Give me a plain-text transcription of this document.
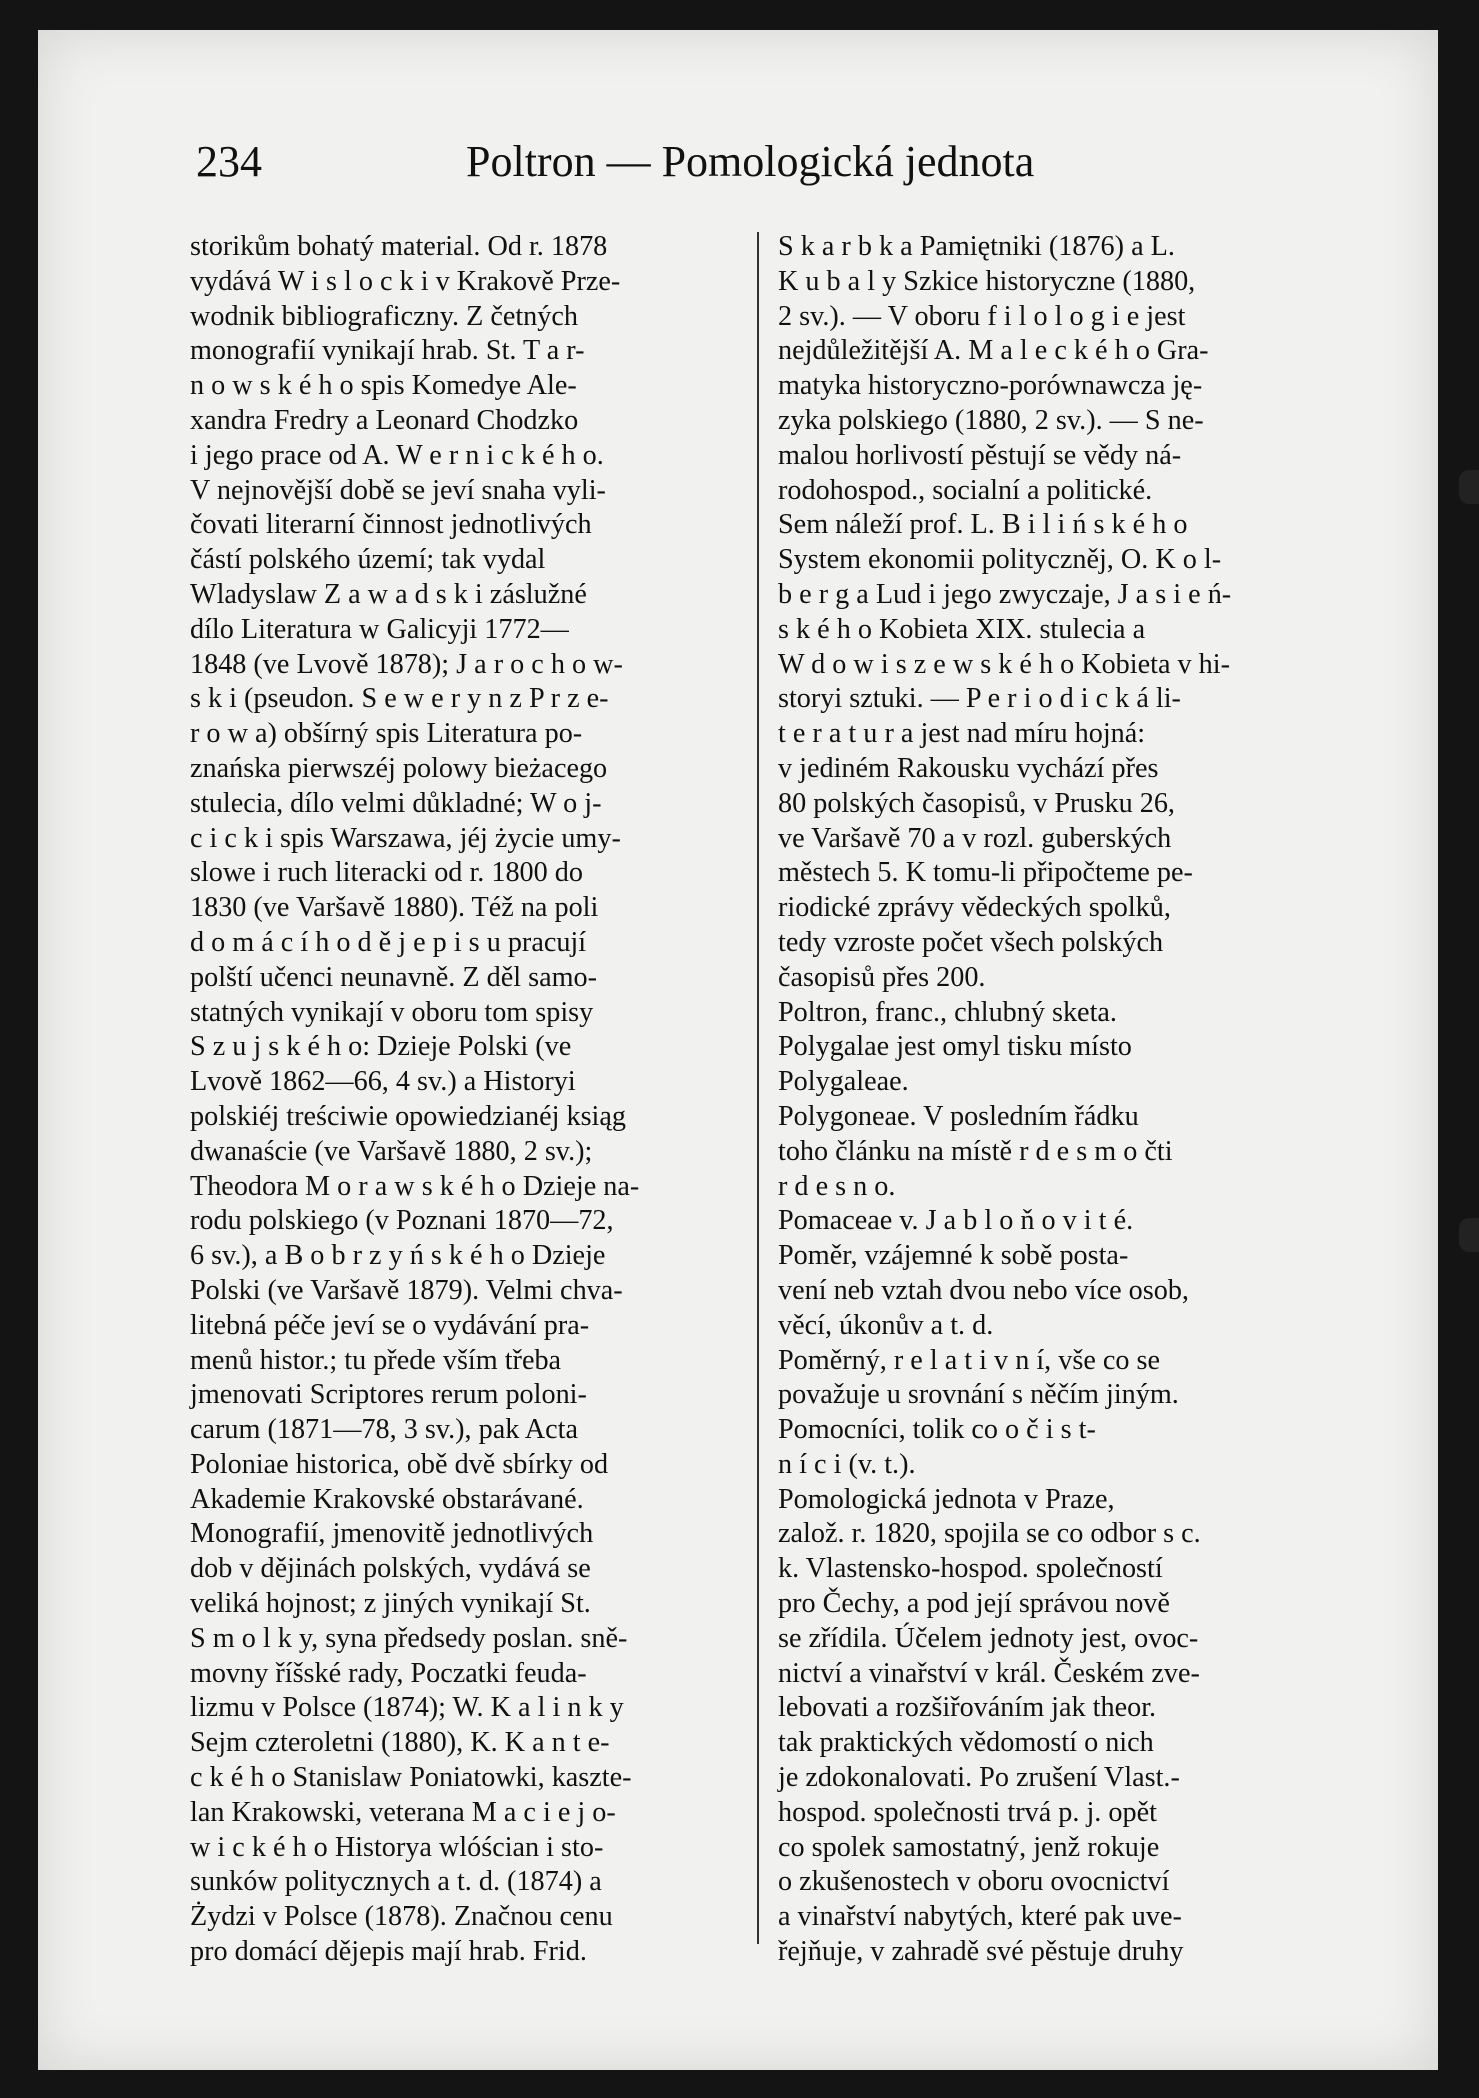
234	Poltron — Pomologická jednota
storikům bohatý material. Od r. 1878
vydává W i s l o c k i v Krakově Prze-
wodnik bibliograficzny. Z četných
monografií vynikají hrab. St. T a r-
n o w s k é h o spis Komedye Ale-
xandra Fredry a Leonard Chodzko
i jego prace od A. W e r n i c k é h o.
V nejnovější době se jeví snaha vyli-
čovati literarní činnost jednotlivých
částí polského území; tak vydal
Wladyslaw Z a w a d s k i záslužné
dílo Literatura w Galicyji 1772—
1848 (ve Lvově 1878); J a r o c h o w-
s k i (pseudon. S e w e r y n z P r z e-
r o w a) obšírný spis Literatura po-
znańska pierwszéj polowy bieżacego
stulecia, dílo velmi důkladné; W o j-
c i c k i spis Warszawa, jéj życie umy-
slowe i ruch literacki od r. 1800 do
1830 (ve Varšavě 1880). Též na poli
d o m á c í h o d ě j e p i s u pracují
polští učenci neunavně. Z děl samo-
statných vynikají v oboru tom spisy
S z u j s k é h o: Dzieje Polski (ve
Lvově 1862—66, 4 sv.) a Historyi
polskiéj treściwie opowiedzianéj ksiąg
dwanaście (ve Varšavě 1880, 2 sv.);
Theodora M o r a w s k é h o Dzieje na-
rodu polskiego (v Poznani 1870—72,
6 sv.), a B o b r z y ń s k é h o Dzieje
Polski (ve Varšavě 1879). Velmi chva-
litebná péče jeví se o vydávání pra-
menů histor.; tu přede vším třeba
jmenovati Scriptores rerum poloni-
carum (1871—78, 3 sv.), pak Acta
Poloniae historica, obě dvě sbírky od
Akademie Krakovské obstarávané.
Monografií, jmenovitě jednotlivých
dob v dějinách polských, vydává se
veliká hojnost; z jiných vynikají St.
S m o l k y, syna předsedy poslan. sně-
movny říšské rady, Poczatki feuda-
lizmu v Polsce (1874); W. K a l i n k y
Sejm czteroletni (1880), K. K a n t e-
c k é h o Stanislaw Poniatowki, kaszte-
lan Krakowski, veterana M a c i e j o-
w i c k é h o Historya wlóścian i sto-
sunków politycznych a t. d. (1874) a
Żydzi v Polsce (1878). Značnou cenu
pro domácí dějepis mají hrab. Frid.
S k a r b k a Pamiętniki (1876) a L.
K u b a l y Szkice historyczne (1880,
2 sv.). — V oboru f i l o l o g i e jest
nejdůležitější A. M a l e c k é h o Gra-
matyka historyczno-porównawcza ję-
zyka polskiego (1880, 2 sv.). — S ne-
malou horlivostí pěstují se vědy ná-
rodohospod., socialní a politické.
Sem náleží prof. L. B i l i ń s k é h o
System ekonomii polityczněj, O. K o l-
b e r g a Lud i jego zwyczaje, J a s i e ń-
s k é h o Kobieta XIX. stulecia a
W d o w i s z e w s k é h o Kobieta v hi-
storyi sztuki. — P e r i o d i c k á li-
t e r a t u r a jest nad míru hojná:
v jediném Rakousku vychází přes
80 polských časopisů, v Prusku 26,
ve Varšavě 70 a v rozl. guberských
městech 5. K tomu-li připočteme pe-
riodické zprávy vědeckých spolků,
tedy vzroste počet všech polských
časopisů přes 200.
Poltron, franc., chlubný sketa.
Polygalae jest omyl tisku místo
Polygaleae.
Polygoneae. V posledním řádku
toho článku na místě r d e s m o čti
r d e s n o.
Pomaceae v. J a b l o ň o v i t é.
Poměr, vzájemné k sobě posta-
vení neb vztah dvou nebo více osob,
věcí, úkonův a t. d.
Poměrný, r e l a t i v n í, vše co se
považuje u srovnání s něčím jiným.
Pomocníci, tolik co o č i s t-
n í c i (v. t.).
Pomologická jednota v Praze,
založ. r. 1820, spojila se co odbor s c.
k. Vlastensko-hospod. společností
pro Čechy, a pod její správou nově
se zřídila. Účelem jednoty jest, ovoc-
nictví a vinařství v král. Českém zve-
lebovati a rozšiřováním jak theor.
tak praktických vědomostí o nich
je zdokonalovati. Po zrušení Vlast.-
hospod. společnosti trvá p. j. opět
co spolek samostatný, jenž rokuje
o zkušenostech v oboru ovocnictví
a vinařství nabytých, které pak uve-
řejňuje, v zahradě své pěstuje druhy
